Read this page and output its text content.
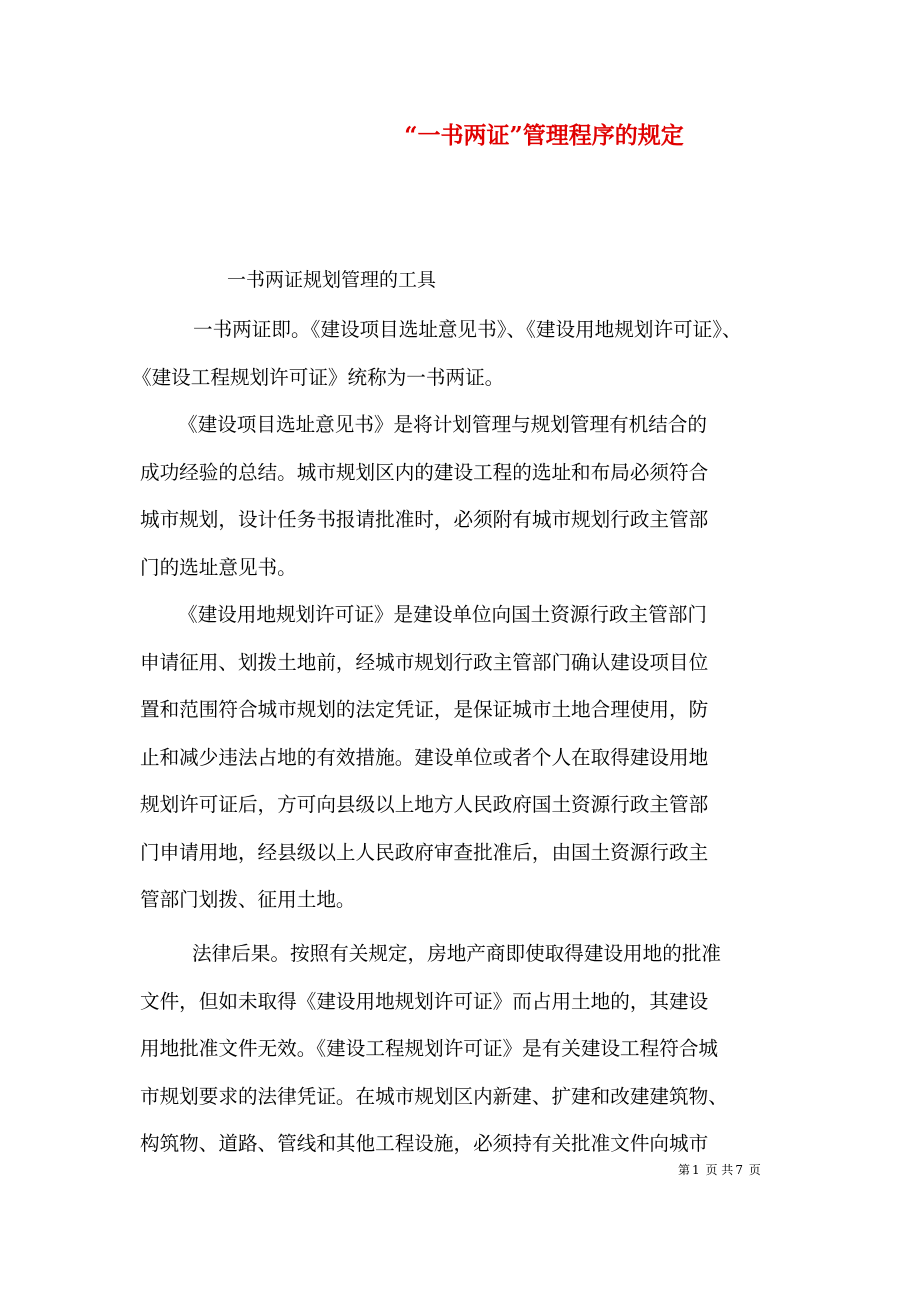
“一书两证”管理程序的规定
一书两证规划管理的工具
一书两证即。《建设项目选址意见书》、《建设用地规划许可证》、
《建设工程规划许可证》统称为一书两证。
《建设项目选址意见书》是将计划管理与规划管理有机结合的
成功经验的总结。城市规划区内的建设工程的选址和布局必须符合
城市规划，设计任务书报请批准时，必须附有城市规划行政主管部
门的选址意见书。
《建设用地规划许可证》是建设单位向国土资源行政主管部门
申请征用、划拨土地前，经城市规划行政主管部门确认建设项目位
置和范围符合城市规划的法定凭证，是保证城市土地合理使用，防
止和减少违法占地的有效措施。建设单位或者个人在取得建设用地
规划许可证后，方可向县级以上地方人民政府国土资源行政主管部
门申请用地，经县级以上人民政府审查批准后，由国土资源行政主
管部门划拨、征用土地。
法律后果。按照有关规定，房地产商即使取得建设用地的批准
文件，但如未取得《建设用地规划许可证》而占用土地的，其建设
用地批准文件无效。《建设工程规划许可证》是有关建设工程符合城
市规划要求的法律凭证。在城市规划区内新建、扩建和改建建筑物、
构筑物、道路、管线和其他工程设施，必须持有关批准文件向城市
第 1 页 共 7 页
